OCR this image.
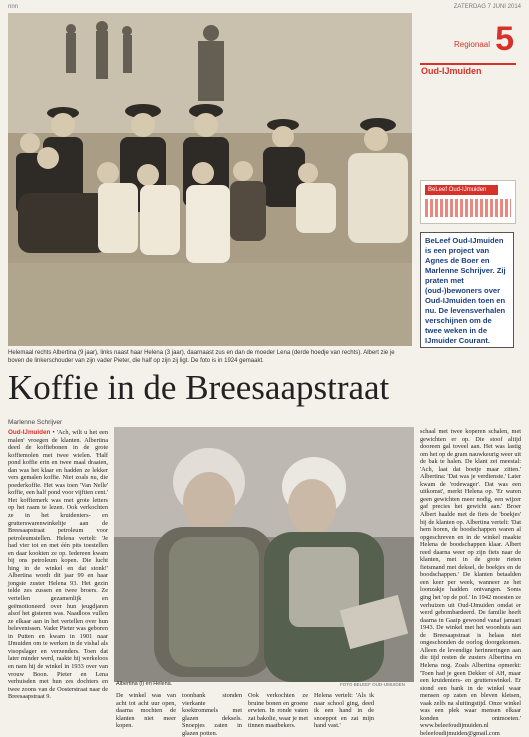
nnn	ZATERDAG 7 JUNI 2014
Helemaal rechts Albertina (9 jaar), links naast haar Helena (3 jaar), daarnaast zus en dan de moeder Lena (derde hoedje van rechts). Albert zie je boven de linkerschouder van zijn vader Pieter, die half op zijn zij ligt. De foto is in 1924 gemaakt.
Regionaal 5
Oud-IJmuiden
BeLeef Oud-IJmuiden

BeLeef Oud-IJmuiden is een project van Agnes de Boer en Marlenne Schrijver. Zij praten met (oud-)bewoners over Oud-IJmuiden toen en nu. De levensverhalen verschijnen om de twee weken in de IJmuider Courant.

Koffie in de Breesaapstraat
Marlenne Schrijver
Oud-IJmuiden • 'Ach, wilt u het een malen' vroegen de klanten. Albertina deed de koffiebonen in de grote koffiemolen met twee wielen. 'Half pond koffie erin en twee maal draaien, dan was het klaar en hadden ze lekker vers gemalen koffie. Niet zoals nu, die poederkoffie. Het was toen 'Van Nelle' koffie, een half pond voor vijftien cent.' Het koffiemerk was met grote letters op het raam te lezen. Ook verkochten ze in het kruideniers- en grutterswarenwinkeltje aan de Breesaapstraat petroleum voor petroleumstellen. Helena vertelt: 'Je had vier tot en met één pits toestellen en daar kookten ze op. Iedereen kwam bij ons petroleum kopen. Die lucht hing in de winkel en dat stonk!' Albertina wordt dit jaar 99 en haar jongste zuster Helena 93. Het gezin telde zes zussen en twee broers. Ze vertellen gezamenlijk en geëmotioneerd over hun jeugdjaren alsof het gisteren was. Naadloos vullen ze elkaar aan in het vertellen over hun belevenissen. Vader Pieter was geboren in Putten en kwam in 1901 naar IJmuiden om te werken in de vishal als visopslager en verzenders. Toen dat later minder werd, raakte hij werkeloos en nam hij de winkel in 1933 over van vrouw Boon. Pieter en Lena verhuisden met hun zes dochters en twee zoons van de Oosterstraat naar de Breesaapstraat 9.
Albertina (l) en Helena.	FOTO BELEEF OUD-IJMUIDEN
De winkel was van acht tot acht uur open, daarna mochten de klanten niet meer kopen.
toonbank stonden vierkante koektrommels met glazen deksels. Snoepjes zaten in glazen potten.
Ook verkochten ze bruine bonen en groene erwten. In ronde vaten zat bakolie, waar je met tinnen maatbekers.
Helena vertelt: 'Als ik naar school ging, deed ik een hand in de snoeppot en zat mijn hand vast.'
schaal met twee koperen schalen, met gewichten er op. Die stoof altijd dooreen gal toveel aan. Het was lastig om het op de gram nauwkeurig weer uit de bak te halen. De klant zei meestal: 'Ach, laat dat boetje maar zitten.' Albertina: 'Dat was je verdienste.' Later kwam de 'rodewager'. Dat was een uitkomst', merkt Helena op. 'Er waren geen gewichten meer nodig, een wijzer gaf precies het gewicht aan.' Broer Albert haalde met de fiets de 'boekjes' bij de klanten op. Albertina vertelt: 'Dat hem horen, de boodschappen waren al opgeschreven en in de winkel maakte Helena de boodschappen klaar. Albert reed daarna weer op zijn fiets naar de klanten, met in de grote rieten fietsmand met deksel, de boekjes en de boodschappen.' De klanten betaalden een keer per week, wanneer ze het loonzakje hadden ontvangen. Soms ging het 'op de pof.' In 1942 moesten ze verhuizen uit Oud-IJmuiden omdat er werd gebombardeerd. De familie heeft daarna in Gaaip gewoond vanaf januari 1943. De winkel met het woonhuis aan de Breesaapstraat is helaas niet ongeschonden de oorlog doorgekomen. Alleen de levendige herinneringen aan die tijd resten de zusters Albertina en Helena nog. Zoals Albertina opmerkt: 'Toen had je geen Dekker of AH, maar een kruideniers- en grutterswinkel. Er stond een bank in de winkel waar mensen op zaten en bleven kletsen, vaak zelfs na sluitingstijd. Onze winkel was een plek waar mensen elkaar konden ontmoeten.' www.beleefoudijmuiden.nl beleefoudijmuiden@gmail.com
